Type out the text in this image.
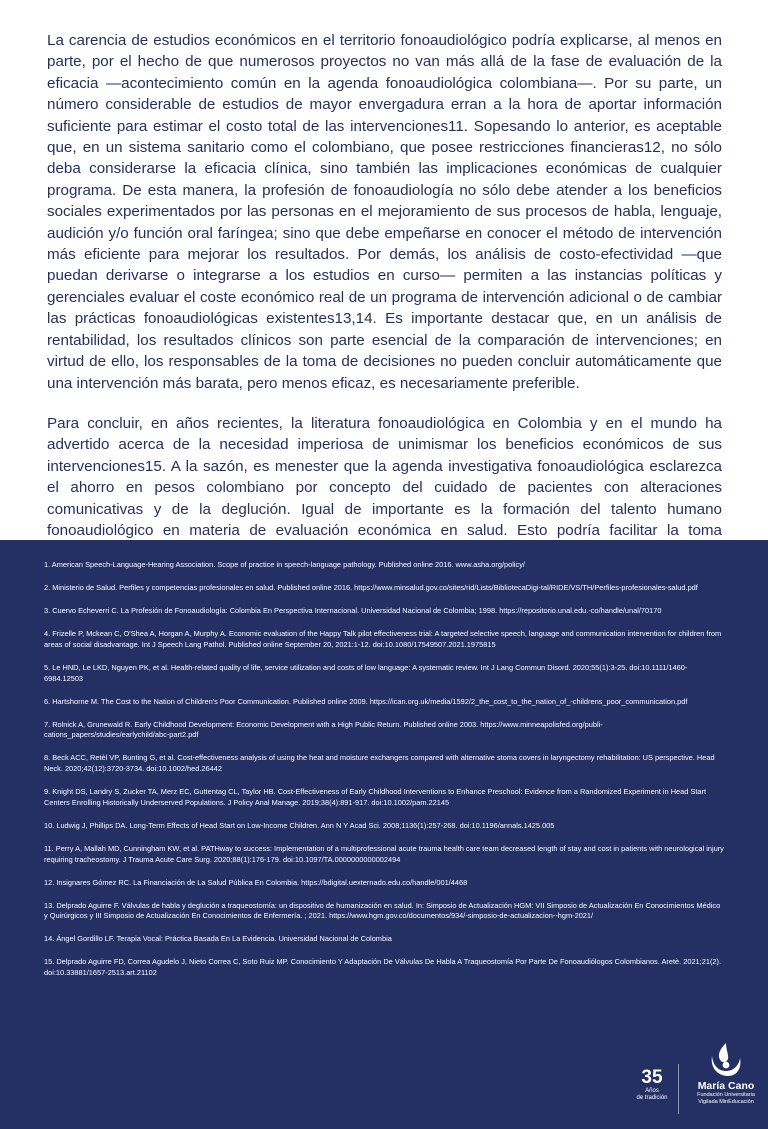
La carencia de estudios económicos en el territorio fonoaudiológico podría explicarse, al menos en parte, por el hecho de que numerosos proyectos no van más allá de la fase de evaluación de la eficacia —acontecimiento común en la agenda fonoaudiológica colombiana—. Por su parte, un número considerable de estudios de mayor envergadura erran a la hora de aportar información suficiente para estimar el costo total de las intervenciones11. Sopesando lo anterior, es aceptable que, en un sistema sanitario como el colombiano, que posee restricciones financieras12, no sólo deba considerarse la eficacia clínica, sino también las implicaciones económicas de cualquier programa. De esta manera, la profesión de fonoaudiología no sólo debe atender a los beneficios sociales experimentados por las personas en el mejoramiento de sus procesos de habla, lenguaje, audición y/o función oral faríngea; sino que debe empeñarse en conocer el método de intervención más eficiente para mejorar los resultados. Por demás, los análisis de costo-efectividad —que puedan derivarse o integrarse a los estudios en curso— permiten a las instancias políticas y gerenciales evaluar el coste económico real de un programa de intervención adicional o de cambiar las prácticas fonoaudiológicas existentes13,14. Es importante destacar que, en un análisis de rentabilidad, los resultados clínicos son parte esencial de la comparación de intervenciones; en virtud de ello, los responsables de la toma de decisiones no pueden concluir automáticamente que una intervención más barata, pero menos eficaz, es necesariamente preferible.

Para concluir, en años recientes, la literatura fonoaudiológica en Colombia y en el mundo ha advertido acerca de la necesidad imperiosa de unimismar los beneficios económicos de sus intervenciones15. A la sazón, es menester que la agenda investigativa fonoaudiológica esclarezca el ahorro en pesos colombiano por concepto del cuidado de pacientes con alteraciones comunicativas y de la deglución. Igual de importante es la formación del talento humano fonoaudiológico en materia de evaluación económica en salud. Esto podría facilitar la toma

1. American Speech-Language-Hearing Association. Scope of practice in speech-language pathology. Published online 2016. www.asha.org/policy/

2. Ministerio de Salud. Perfiles y competencias profesionales en salud. Published online 2016. https://www.minsalud.gov.co/sites/rid/Lists/BibliotecaDigi-tal/RIDE/VS/TH/Perfiles-profesionales-salud.pdf

3. Cuervo Echeverri C. La Profesión de Fonoaudiología: Colombia En Perspectiva Internacional. Universidad Nacional de Colombia; 1998. https://repositorio.unal.edu.-co/handle/unal/70170

4. Frizelle P, Mckean C, O'Shea A, Horgan A, Murphy A. Economic evaluation of the Happy Talk pilot effectiveness trial: A targeted selective speech, language and communication intervention for children from areas of social disadvantage. Int J Speech Lang Pathol. Published online September 20, 2021:1-12. doi:10.1080/17549507.2021.1975815

5. Le HND, Le LKD, Nguyen PK, et al. Health-related quality of life, service utilization and costs of low language: A systematic review. Int J Lang Commun Disord. 2020;55(1):3-25. doi:10.1111/1460-6984.12503

6. Hartshorne M. The Cost to the Nation of Children's Poor Communication. Published online 2009. https://ican.org.uk/media/1592/2_the_cost_to_the_nation_of_-childrens_poor_communication.pdf

7. Rolnick A, Grunewald R. Early Childhood Development: Economic Development with a High Public Return. Published online 2003. https://www.minneapolisfed.org/publi-cations_papers/studies/earlychild/abc-part2.pdf

8. Beck ACC, Retèl VP, Bunting G, et al. Cost-effectiveness analysis of using the heat and moisture exchangers compared with alternative stoma covers in laryngectomy rehabilitation: US perspective. Head Neck. 2020;42(12):3720-3734. doi:10.1002/hed.26442

9. Knight DS, Landry S, Zucker TA, Merz EC, Guttentag CL, Taylor HB. Cost-Effectiveness of Early Childhood Interventions to Enhance Preschool: Evidence from a Randomized Experiment in Head Start Centers Enrolling Historically Underserved Populations. J Policy Anal Manage. 2019;38(4):891-917. doi:10.1002/pam.22145

10. Ludwig J, Phillips DA. Long-Term Effects of Head Start on Low-Income Children. Ann N Y Acad Sci. 2008;1136(1):257-268. doi:10.1196/annals.1425.005

11. Perry A, Mallah MD, Cunningham KW, et al. PATHway to success: Implementation of a multiprofessional acute trauma health care team decreased length of stay and cost in patients with neurological injury requiring tracheostomy. J Trauma Acute Care Surg. 2020;88(1):176-179. doi:10.1097/TA.0000000000002494

12. Insignares Gómez RC. La Financiación de La Salud Pública En Colombia. https://bdigital.uexternado.edu.co/handle/001/4468

13. Delprado Aguirre F. Válvulas de habla y deglución a traqueostomía: un dispositivo de humanización en salud. In: Simposio de Actualización HGM: VII Simposio de Actualización En Conocimientos Médico y Quirúrgicos y III Simposio de Actualización En Conocimientos de Enfermería. ; 2021. https://www.hgm.gov.co/documentos/934/-simposio-de-actualizacion--hgm-2021/

14. Ángel Gordillo LF. Terapia Vocal: Práctica Basada En La Evidencia. Universidad Nacional de Colombia

15. Delprado Aguirre FD, Correa Agudelo J, Nieto Correa C, Soto Ruiz MP. Conocimiento Y Adaptación De Válvulas De Habla A Traqueostomía Por Parte De Fonoaudiólogos Colombianos. Aretè. 2021;21(2). doi:10.33881/1657-2513.art.21102

35
Años
de tradición
María Cano
Fundación Universitaria
Vigilada MinEducación
